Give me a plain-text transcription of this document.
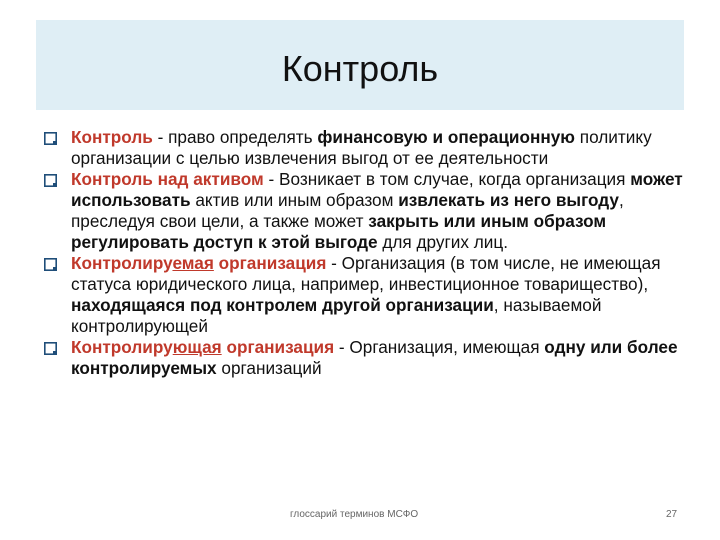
Контроль
Контроль - право определять финансовую и операционную политику организации с целью извлечения выгод от ее деятельности
Контроль над активом - Возникает в том случае, когда организация может использовать актив или иным образом извлекать из него выгоду, преследуя свои цели, а также может закрыть или иным образом регулировать доступ к этой выгоде для других лиц.
Контролируемая организация - Организация (в том числе, не имеющая статуса юридического лица, например, инвестиционное товарищество), находящаяся под контролем другой организации, называемой контролирующей
Контролирующая организация - Организация, имеющая одну или более контролируемых организаций
глоссарий терминов МСФО	27
